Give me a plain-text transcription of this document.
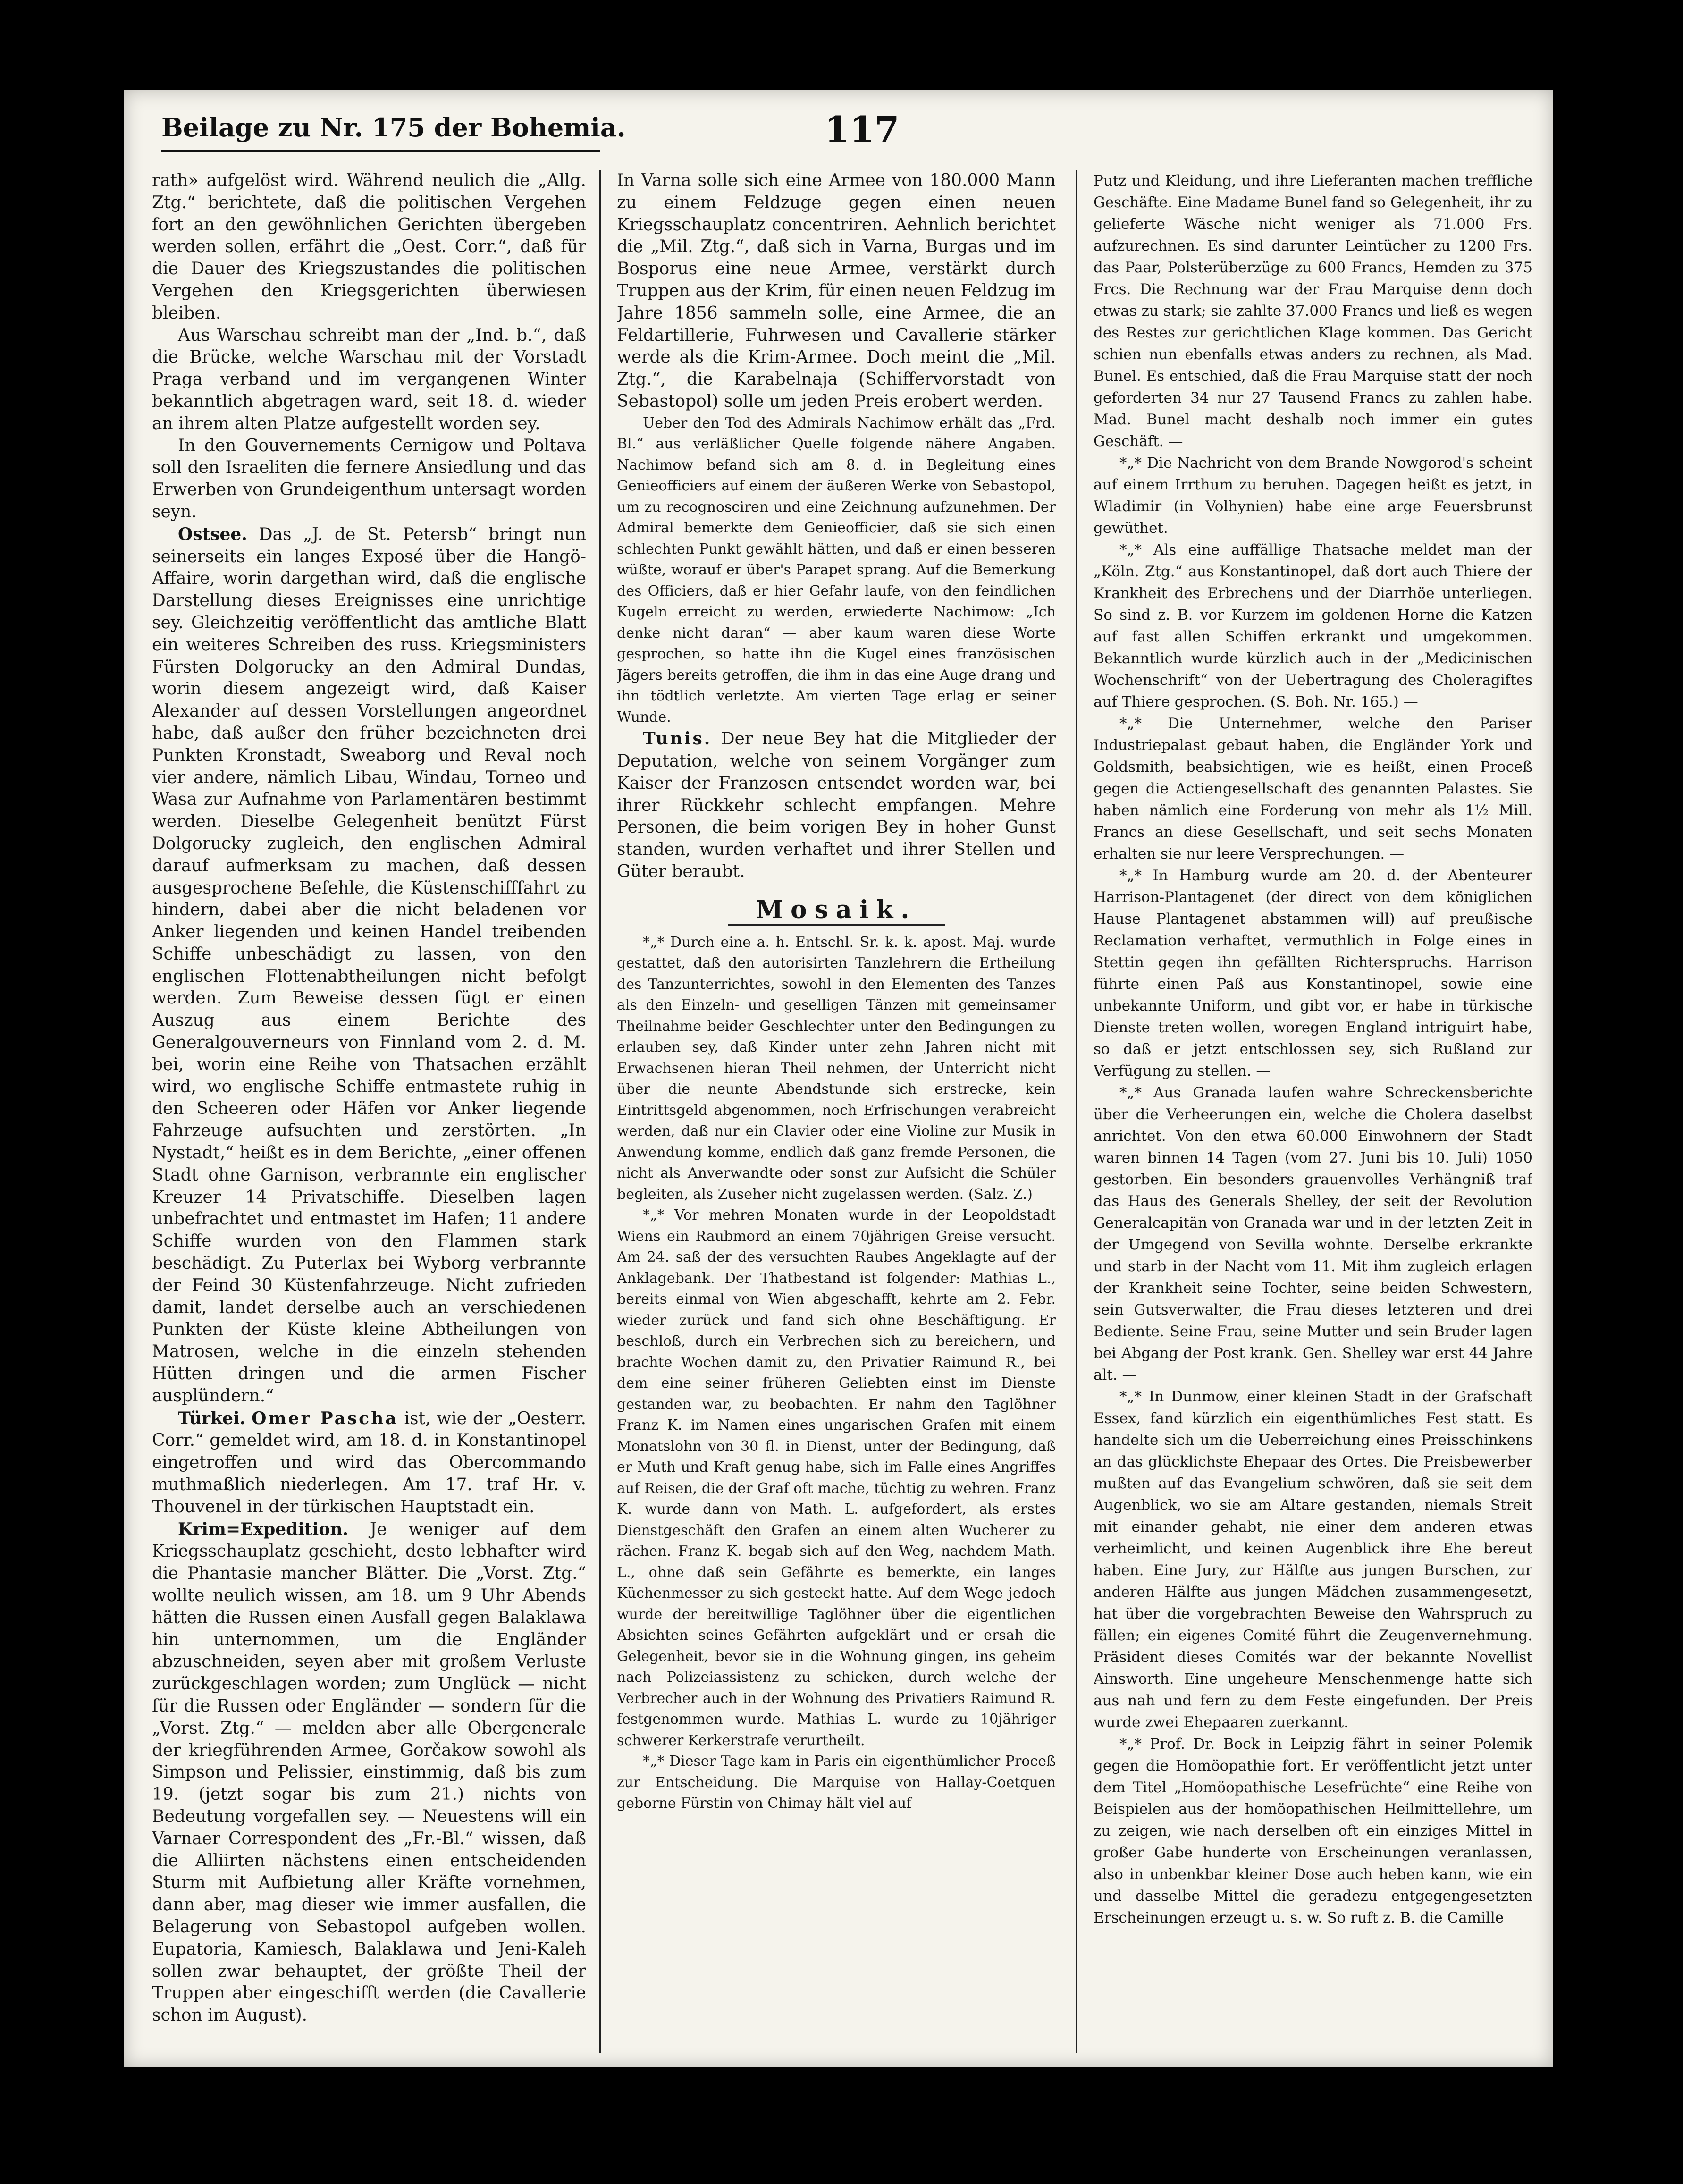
Beilage zu Nr. 175 der Bohemia.	117

rath» aufgelöst wird. Während neulich die „Allg. Ztg.“ berichtete, daß die politischen Vergehen fort an den gewöhnlichen Gerichten übergeben werden sollen, erfährt die „Oest. Corr.“, daß für die Dauer des Kriegszustandes die politischen Vergehen den Kriegsgerichten überwiesen bleiben.

Aus Warschau schreibt man der „Ind. b.“, daß die Brücke, welche Warschau mit der Vorstadt Praga verband und im vergangenen Winter bekanntlich abgetragen ward, seit 18. d. wieder an ihrem alten Platze aufgestellt worden sey.

In den Gouvernements Cernigow und Poltava soll den Israeliten die fernere Ansiedlung und das Erwerben von Grundeigenthum untersagt worden seyn.

Ostsee. Das „J. de St. Petersb“ bringt nun seinerseits ein langes Exposé über die Hangö-Affaire, worin dargethan wird, daß die englische Darstellung dieses Ereignisses eine unrichtige sey. Gleichzeitig veröffentlicht das amtliche Blatt ein weiteres Schreiben des russ. Kriegsministers Fürsten Dolgorucky an den Admiral Dundas, worin diesem angezeigt wird, daß Kaiser Alexander auf dessen Vorstellungen angeordnet habe, daß außer den früher bezeichneten drei Punkten Kronstadt, Sweaborg und Reval noch vier andere, nämlich Libau, Windau, Torneo und Wasa zur Aufnahme von Parlamentären bestimmt werden. Dieselbe Gelegenheit benützt Fürst Dolgorucky zugleich, den englischen Admiral darauf aufmerksam zu machen, daß dessen ausgesprochene Befehle, die Küstenschifffahrt zu hindern, dabei aber die nicht beladenen vor Anker liegenden und keinen Handel treibenden Schiffe unbeschädigt zu lassen, von den englischen Flottenabtheilungen nicht befolgt werden. Zum Beweise dessen fügt er einen Auszug aus einem Berichte des Generalgouverneurs von Finnland vom 2. d. M. bei, worin eine Reihe von Thatsachen erzählt wird, wo englische Schiffe entmastete ruhig in den Scheeren oder Häfen vor Anker liegende Fahrzeuge aufsuchten und zerstörten. „In Nystadt,“ heißt es in dem Berichte, „einer offenen Stadt ohne Garnison, verbrannte ein englischer Kreuzer 14 Privatschiffe. Dieselben lagen unbefrachtet und entmastet im Hafen; 11 andere Schiffe wurden von den Flammen stark beschädigt. Zu Puterlax bei Wyborg verbrannte der Feind 30 Küstenfahrzeuge. Nicht zufrieden damit, landet derselbe auch an verschiedenen Punkten der Küste kleine Abtheilungen von Matrosen, welche in die einzeln stehenden Hütten dringen und die armen Fischer ausplündern.“

Türkei. Omer Pascha ist, wie der „Oesterr. Corr.“ gemeldet wird, am 18. d. in Konstantinopel eingetroffen und wird das Obercommando muthmaßlich niederlegen. Am 17. traf Hr. v. Thouvenel in der türkischen Hauptstadt ein.

Krim=Expedition. Je weniger auf dem Kriegsschauplatz geschieht, desto lebhafter wird die Phantasie mancher Blätter. Die „Vorst. Ztg.“ wollte neulich wissen, am 18. um 9 Uhr Abends hätten die Russen einen Ausfall gegen Balaklawa hin unternommen, um die Engländer abzuschneiden, seyen aber mit großem Verluste zurückgeschlagen worden; zum Unglück — nicht für die Russen oder Engländer — sondern für die „Vorst. Ztg.“ — melden aber alle Obergenerale der kriegführenden Armee, Gorčakow sowohl als Simpson und Pelissier, einstimmig, daß bis zum 19. (jetzt sogar bis zum 21.) nichts von Bedeutung vorgefallen sey. — Neuestens will ein Varnaer Correspondent des „Fr.-Bl.“ wissen, daß die Alliirten nächstens einen entscheidenden Sturm mit Aufbietung aller Kräfte vornehmen, dann aber, mag dieser wie immer ausfallen, die Belagerung von Sebastopol aufgeben wollen. Eupatoria, Kamiesch, Balaklawa und Jeni-Kaleh sollen zwar behauptet, der größte Theil der Truppen aber eingeschifft werden (die Cavallerie schon im August).

In Varna solle sich eine Armee von 180.000 Mann zu einem Feldzuge gegen einen neuen Kriegsschauplatz concentriren. Aehnlich berichtet die „Mil. Ztg.“, daß sich in Varna, Burgas und im Bosporus eine neue Armee, verstärkt durch Truppen aus der Krim, für einen neuen Feldzug im Jahre 1856 sammeln solle, eine Armee, die an Feldartillerie, Fuhrwesen und Cavallerie stärker werde als die Krim-Armee. Doch meint die „Mil. Ztg.“, die Karabelnaja (Schiffervorstadt von Sebastopol) solle um jeden Preis erobert werden.

Ueber den Tod des Admirals Nachimow erhält das „Frd. Bl.“ aus verläßlicher Quelle folgende nähere Angaben. Nachimow befand sich am 8. d. in Begleitung eines Genieofficiers auf einem der äußeren Werke von Sebastopol, um zu recognosciren und eine Zeichnung aufzunehmen. Der Admiral bemerkte dem Genieofficier, daß sie sich einen schlechten Punkt gewählt hätten, und daß er einen besseren wüßte, worauf er über's Parapet sprang. Auf die Bemerkung des Officiers, daß er hier Gefahr laufe, von den feindlichen Kugeln erreicht zu werden, erwiederte Nachimow: „Ich denke nicht daran“ — aber kaum waren diese Worte gesprochen, so hatte ihn die Kugel eines französischen Jägers bereits getroffen, die ihm in das eine Auge drang und ihn tödtlich verletzte. Am vierten Tage erlag er seiner Wunde.

Tunis. Der neue Bey hat die Mitglieder der Deputation, welche von seinem Vorgänger zum Kaiser der Franzosen entsendet worden war, bei ihrer Rückkehr schlecht empfangen. Mehre Personen, die beim vorigen Bey in hoher Gunst standen, wurden verhaftet und ihrer Stellen und Güter beraubt.

Mosaik.

*„* Durch eine a. h. Entschl. Sr. k. k. apost. Maj. wurde gestattet, daß den autorisirten Tanzlehrern die Ertheilung des Tanzunterrichtes, sowohl in den Elementen des Tanzes als den Einzeln- und geselligen Tänzen mit gemeinsamer Theilnahme beider Geschlechter unter den Bedingungen zu erlauben sey, daß Kinder unter zehn Jahren nicht mit Erwachsenen hieran Theil nehmen, der Unterricht nicht über die neunte Abendstunde sich erstrecke, kein Eintrittsgeld abgenommen, noch Erfrischungen verabreicht werden, daß nur ein Clavier oder eine Violine zur Musik in Anwendung komme, endlich daß ganz fremde Personen, die nicht als Anverwandte oder sonst zur Aufsicht die Schüler begleiten, als Zuseher nicht zugelassen werden. (Salz. Z.)

*„* Vor mehren Monaten wurde in der Leopoldstadt Wiens ein Raubmord an einem 70jährigen Greise versucht. Am 24. saß der des versuchten Raubes Angeklagte auf der Anklagebank. Der Thatbestand ist folgender: Mathias L., bereits einmal von Wien abgeschafft, kehrte am 2. Febr. wieder zurück und fand sich ohne Beschäftigung. Er beschloß, durch ein Verbrechen sich zu bereichern, und brachte Wochen damit zu, den Privatier Raimund R., bei dem eine seiner früheren Geliebten einst im Dienste gestanden war, zu beobachten. Er nahm den Taglöhner Franz K. im Namen eines ungarischen Grafen mit einem Monatslohn von 30 fl. in Dienst, unter der Bedingung, daß er Muth und Kraft genug habe, sich im Falle eines Angriffes auf Reisen, die der Graf oft mache, tüchtig zu wehren. Franz K. wurde dann von Math. L. aufgefordert, als erstes Dienstgeschäft den Grafen an einem alten Wucherer zu rächen. Franz K. begab sich auf den Weg, nachdem Math. L., ohne daß sein Gefährte es bemerkte, ein langes Küchenmesser zu sich gesteckt hatte. Auf dem Wege jedoch wurde der bereitwillige Taglöhner über die eigentlichen Absichten seines Gefährten aufgeklärt und er ersah die Gelegenheit, bevor sie in die Wohnung gingen, ins geheim nach Polizeiassistenz zu schicken, durch welche der Verbrecher auch in der Wohnung des Privatiers Raimund R. festgenommen wurde. Mathias L. wurde zu 10jähriger schwerer Kerkerstrafe verurtheilt.

*„* Dieser Tage kam in Paris ein eigenthümlicher Proceß zur Entscheidung. Die Marquise von Hallay-Coetquen geborne Fürstin von Chimay hält viel auf

Putz und Kleidung, und ihre Lieferanten machen treffliche Geschäfte. Eine Madame Bunel fand so Gelegenheit, ihr zu gelieferte Wäsche nicht weniger als 71.000 Frs. aufzurechnen. Es sind darunter Leintücher zu 1200 Frs. das Paar, Polsterüberzüge zu 600 Francs, Hemden zu 375 Frcs. Die Rechnung war der Frau Marquise denn doch etwas zu stark; sie zahlte 37.000 Francs und ließ es wegen des Restes zur gerichtlichen Klage kommen. Das Gericht schien nun ebenfalls etwas anders zu rechnen, als Mad. Bunel. Es entschied, daß die Frau Marquise statt der noch geforderten 34 nur 27 Tausend Francs zu zahlen habe. Mad. Bunel macht deshalb noch immer ein gutes Geschäft. —

*„* Die Nachricht von dem Brande Nowgorod's scheint auf einem Irrthum zu beruhen. Dagegen heißt es jetzt, in Wladimir (in Volhynien) habe eine arge Feuersbrunst gewüthet.

*„* Als eine auffällige Thatsache meldet man der „Köln. Ztg.“ aus Konstantinopel, daß dort auch Thiere der Krankheit des Erbrechens und der Diarrhöe unterliegen. So sind z. B. vor Kurzem im goldenen Horne die Katzen auf fast allen Schiffen erkrankt und umgekommen. Bekanntlich wurde kürzlich auch in der „Medicinischen Wochenschrift“ von der Uebertragung des Choleragiftes auf Thiere gesprochen. (S. Boh. Nr. 165.) —

*„* Die Unternehmer, welche den Pariser Industriepalast gebaut haben, die Engländer York und Goldsmith, beabsichtigen, wie es heißt, einen Proceß gegen die Actiengesellschaft des genannten Palastes. Sie haben nämlich eine Forderung von mehr als 1½ Mill. Francs an diese Gesellschaft, und seit sechs Monaten erhalten sie nur leere Versprechungen. —

*„* In Hamburg wurde am 20. d. der Abenteurer Harrison-Plantagenet (der direct von dem königlichen Hause Plantagenet abstammen will) auf preußische Reclamation verhaftet, vermuthlich in Folge eines in Stettin gegen ihn gefällten Richterspruchs. Harrison führte einen Paß aus Konstantinopel, sowie eine unbekannte Uniform, und gibt vor, er habe in türkische Dienste treten wollen, woregen England intriguirt habe, so daß er jetzt entschlossen sey, sich Rußland zur Verfügung zu stellen. —

*„* Aus Granada laufen wahre Schreckensberichte über die Verheerungen ein, welche die Cholera daselbst anrichtet. Von den etwa 60.000 Einwohnern der Stadt waren binnen 14 Tagen (vom 27. Juni bis 10. Juli) 1050 gestorben. Ein besonders grauenvolles Verhängniß traf das Haus des Generals Shelley, der seit der Revolution Generalcapitän von Granada war und in der letzten Zeit in der Umgegend von Sevilla wohnte. Derselbe erkrankte und starb in der Nacht vom 11. Mit ihm zugleich erlagen der Krankheit seine Tochter, seine beiden Schwestern, sein Gutsverwalter, die Frau dieses letzteren und drei Bediente. Seine Frau, seine Mutter und sein Bruder lagen bei Abgang der Post krank. Gen. Shelley war erst 44 Jahre alt. —

*„* In Dunmow, einer kleinen Stadt in der Grafschaft Essex, fand kürzlich ein eigenthümliches Fest statt. Es handelte sich um die Ueberreichung eines Preisschinkens an das glücklichste Ehepaar des Ortes. Die Preisbewerber mußten auf das Evangelium schwören, daß sie seit dem Augenblick, wo sie am Altare gestanden, niemals Streit mit einander gehabt, nie einer dem anderen etwas verheimlicht, und keinen Augenblick ihre Ehe bereut haben. Eine Jury, zur Hälfte aus jungen Burschen, zur anderen Hälfte aus jungen Mädchen zusammengesetzt, hat über die vorgebrachten Beweise den Wahrspruch zu fällen; ein eigenes Comité führt die Zeugenvernehmung. Präsident dieses Comités war der bekannte Novellist Ainsworth. Eine ungeheure Menschenmenge hatte sich aus nah und fern zu dem Feste eingefunden. Der Preis wurde zwei Ehepaaren zuerkannt.

*„* Prof. Dr. Bock in Leipzig fährt in seiner Polemik gegen die Homöopathie fort. Er veröffentlicht jetzt unter dem Titel „Homöopathische Lesefrüchte“ eine Reihe von Beispielen aus der homöopathischen Heilmittellehre, um zu zeigen, wie nach derselben oft ein einziges Mittel in großer Gabe hunderte von Erscheinungen veranlassen, also in unbenkbar kleiner Dose auch heben kann, wie ein und dasselbe Mittel die geradezu entgegengesetzten Erscheinungen erzeugt u. s. w. So ruft z. B. die Camille
